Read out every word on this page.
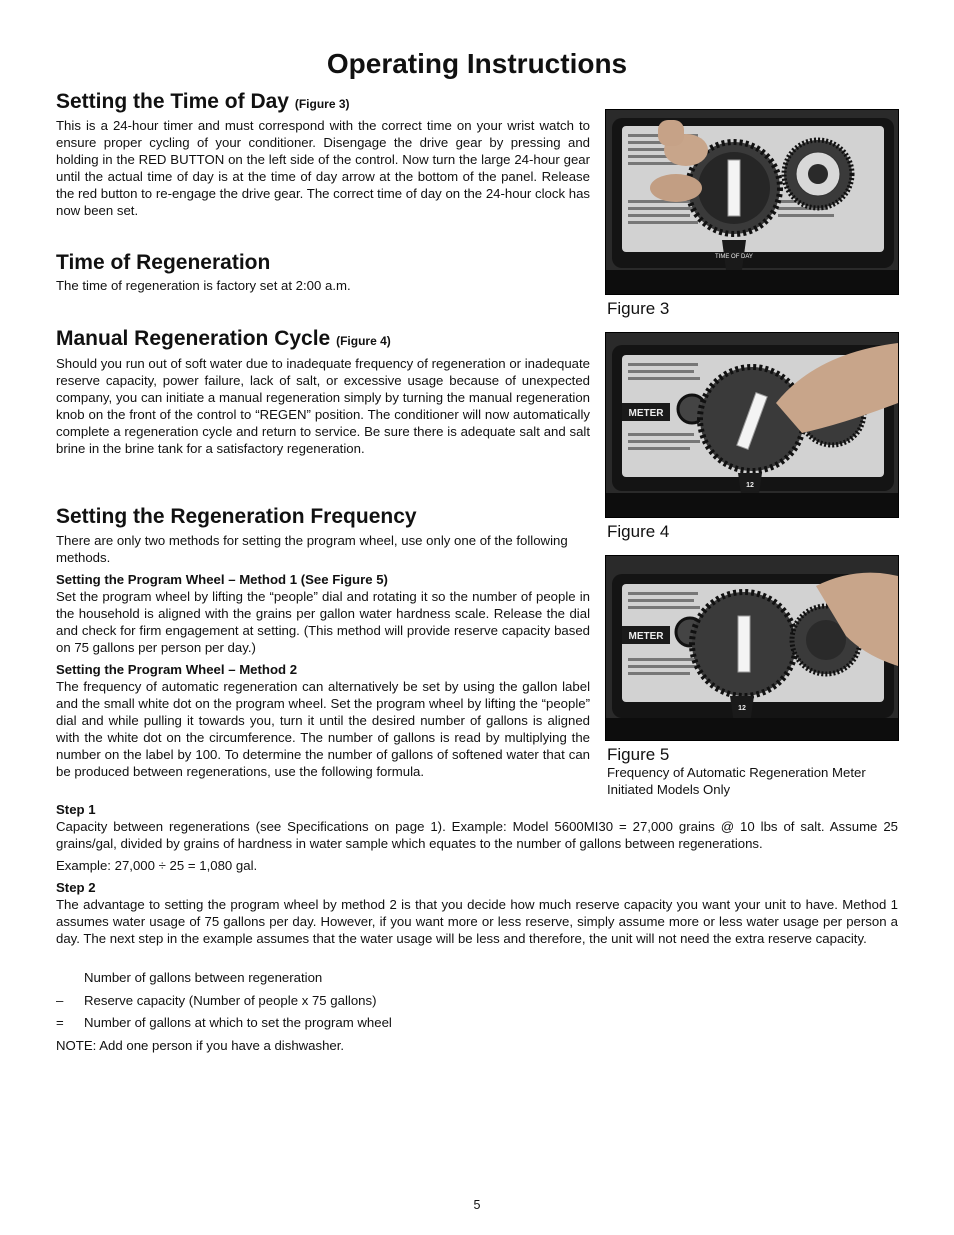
Operating Instructions
Setting the Time of Day (Figure 3)

This is a 24-hour timer and must correspond with the correct time on your wrist watch to ensure proper cycling of your conditioner. Disengage the drive gear by pressing and holding in the RED BUTTON on the left side of the control. Now turn the large 24-hour gear until the actual time of day is at the time of day arrow at the bottom of the panel. Release the red button to re-engage the drive gear. The correct time of day on the 24-hour clock has now been set.

Time of Regeneration

The time of regeneration is factory set at 2:00 a.m.

Manual Regeneration Cycle (Figure 4)

Should you run out of soft water due to inadequate frequency of regeneration or inadequate reserve capacity, power failure, lack of salt, or excessive usage because of unexpected company, you can initiate a manual regeneration simply by turning the manual regeneration knob on the front of the control to “REGEN” position. The conditioner will now automatically complete a regeneration cycle and return to service. Be sure there is adequate salt and salt brine in the brine tank for a satisfactory regeneration.

Setting the Regeneration Frequency

There are only two methods for setting the program wheel, use only one of the following methods.

Setting the Program Wheel – Method 1 (See Figure 5)

Set the program wheel by lifting the “people” dial and rotating it so the number of people in the household is aligned with the grains per gallon water hardness scale. Release the dial and check for firm engagement at setting. (This method will provide reserve capacity based on 75 gallons per person per day.)

Setting the Program Wheel – Method 2

The frequency of automatic regeneration can alternatively be set by using the gallon label and the small white dot on the program wheel. Set the program wheel by lifting the “people” dial and while pulling it towards you, turn it until the desired number of gallons is aligned with the white dot on the circumference. The number of gallons is read by multiplying the number on the label by 100. To determine the number of gallons of softened water that can be produced between regenerations, use the following formula.

Step 1

Capacity between regenerations (see Specifications on page 1). Example: Model 5600MI30 = 27,000 grains @ 10 lbs of salt. Assume 25 grains/gal, divided by grains of hardness in water sample which equates to the number of gallons between regenerations.

Example: 27,000 ÷ 25 = 1,080 gal.

Step 2

The advantage to setting the program wheel by method 2 is that you decide how much reserve capacity you want your unit to have. Method 1 assumes water usage of 75 gallons per day. However, if you want more or less reserve, simply assume more or less water usage per person a day. The next step in the example assumes that the water usage will be less and therefore, the unit will not need the extra reserve capacity.

Number of gallons between regeneration
– Reserve capacity (Number of people x 75 gallons)
= Number of gallons at which to set the program wheel

NOTE: Add one person if you have a dishwasher.

TIME OF DAY

Figure 3

METER
12

Figure 4

METER
12

Figure 5

Frequency of Automatic Regeneration Meter

Initiated Models Only

5
